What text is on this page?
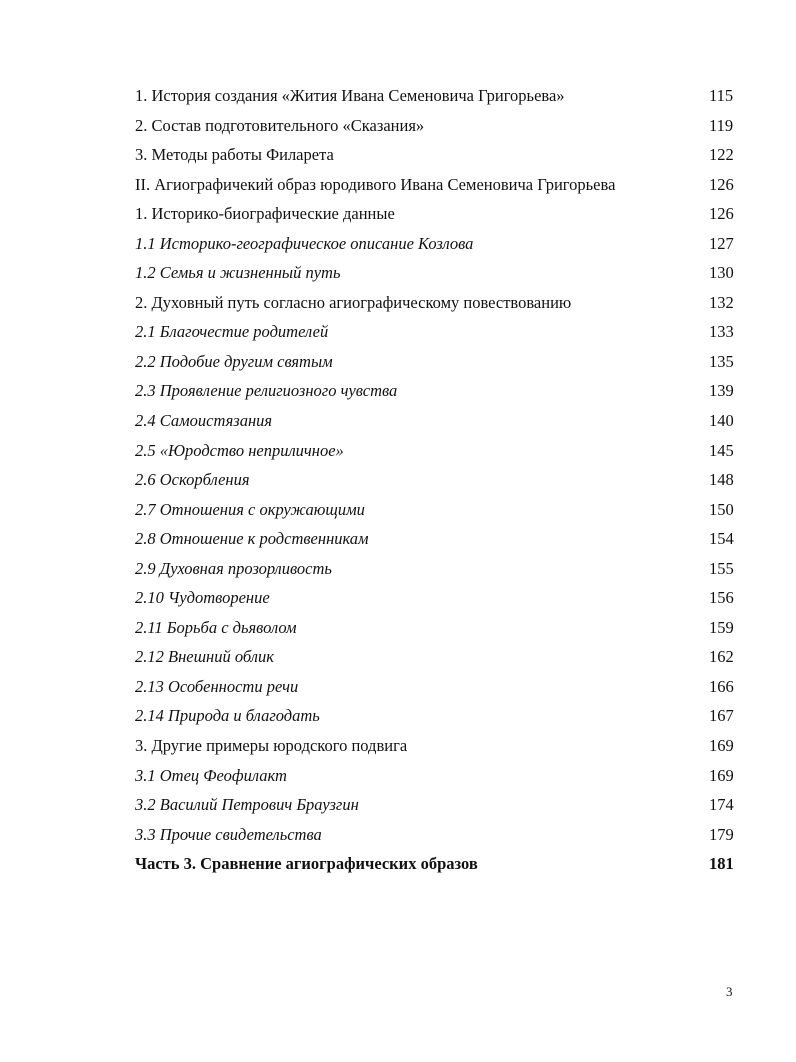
1. История создания «Жития Ивана Семеновича Григорьева»	115
2. Состав подготовительного «Сказания»	119
3. Методы работы Филарета	122
II. Агиографичекий образ юродивого Ивана Семеновича Григорьева	126
1. Историко-биографические данные	126
1.1 Историко-географическое описание Козлова	127
1.2 Семья и жизненный путь	130
2. Духовный путь согласно агиографическому повествованию	132
2.1 Благочестие родителей	133
2.2 Подобие другим святым	135
2.3 Проявление религиозного чувства	139
2.4 Самоистязания	140
2.5 «Юродство неприличное»	145
2.6 Оскорбления	148
2.7 Отношения с окружающими	150
2.8 Отношение к родственникам	154
2.9 Духовная прозорливость	155
2.10 Чудотворение	156
2.11 Борьба с дьяволом	159
2.12 Внешний облик	162
2.13 Особенности речи	166
2.14 Природа и благодать	167
3. Другие примеры юродского подвига	169
3.1 Отец Феофилакт	169
3.2 Василий Петрович Браузгин	174
3.3 Прочие свидетельства	179
Часть 3. Сравнение агиографических образов	181
3
